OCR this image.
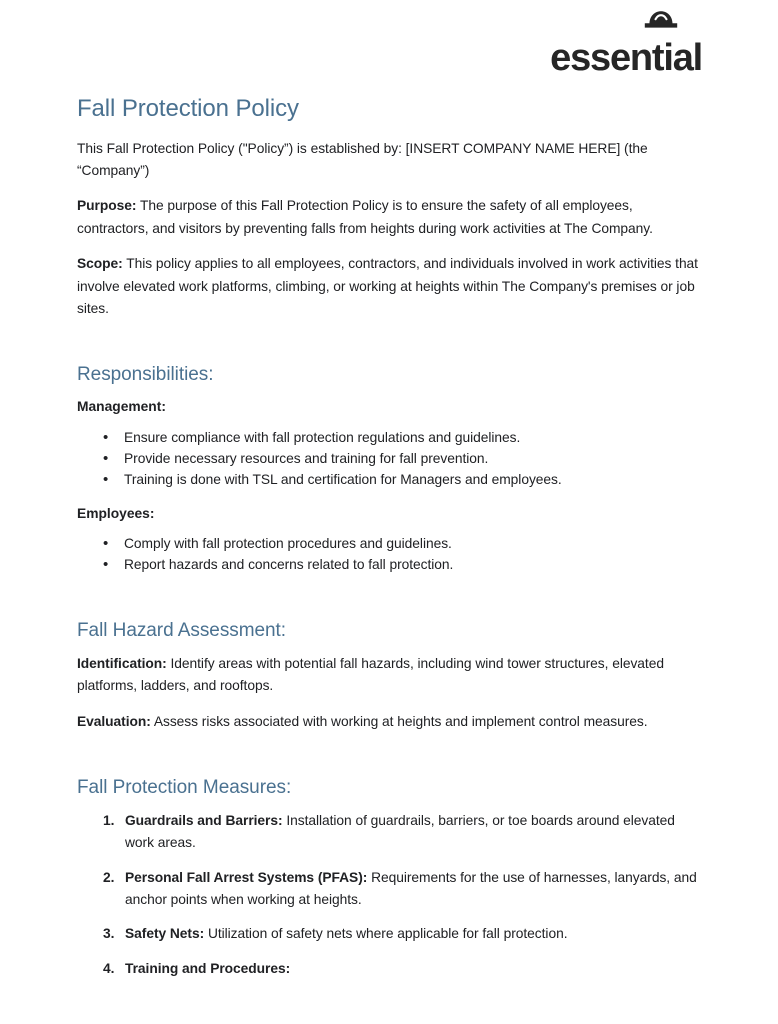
essential
Fall Protection Policy

This Fall Protection Policy ("Policy”) is established by: [INSERT COMPANY NAME HERE] (the “Company”)

Purpose: The purpose of this Fall Protection Policy is to ensure the safety of all employees, contractors, and visitors by preventing falls from heights during work activities at The Company.

Scope: This policy applies to all employees, contractors, and individuals involved in work activities that involve elevated work platforms, climbing, or working at heights within The Company's premises or job sites.

Responsibilities:

Management:

• Ensure compliance with fall protection regulations and guidelines.
• Provide necessary resources and training for fall prevention.
• Training is done with TSL and certification for Managers and employees.

Employees:

• Comply with fall protection procedures and guidelines.
• Report hazards and concerns related to fall protection.
Fall Hazard Assessment:

Identification: Identify areas with potential fall hazards, including wind tower structures, elevated platforms, ladders, and rooftops.

Evaluation: Assess risks associated with working at heights and implement control measures.

Fall Protection Measures:
1. Guardrails and Barriers: Installation of guardrails, barriers, or toe boards around elevated work areas.
2. Personal Fall Arrest Systems (PFAS): Requirements for the use of harnesses, lanyards, and anchor points when working at heights.
3. Safety Nets: Utilization of safety nets where applicable for fall protection.
4. Training and Procedures:
